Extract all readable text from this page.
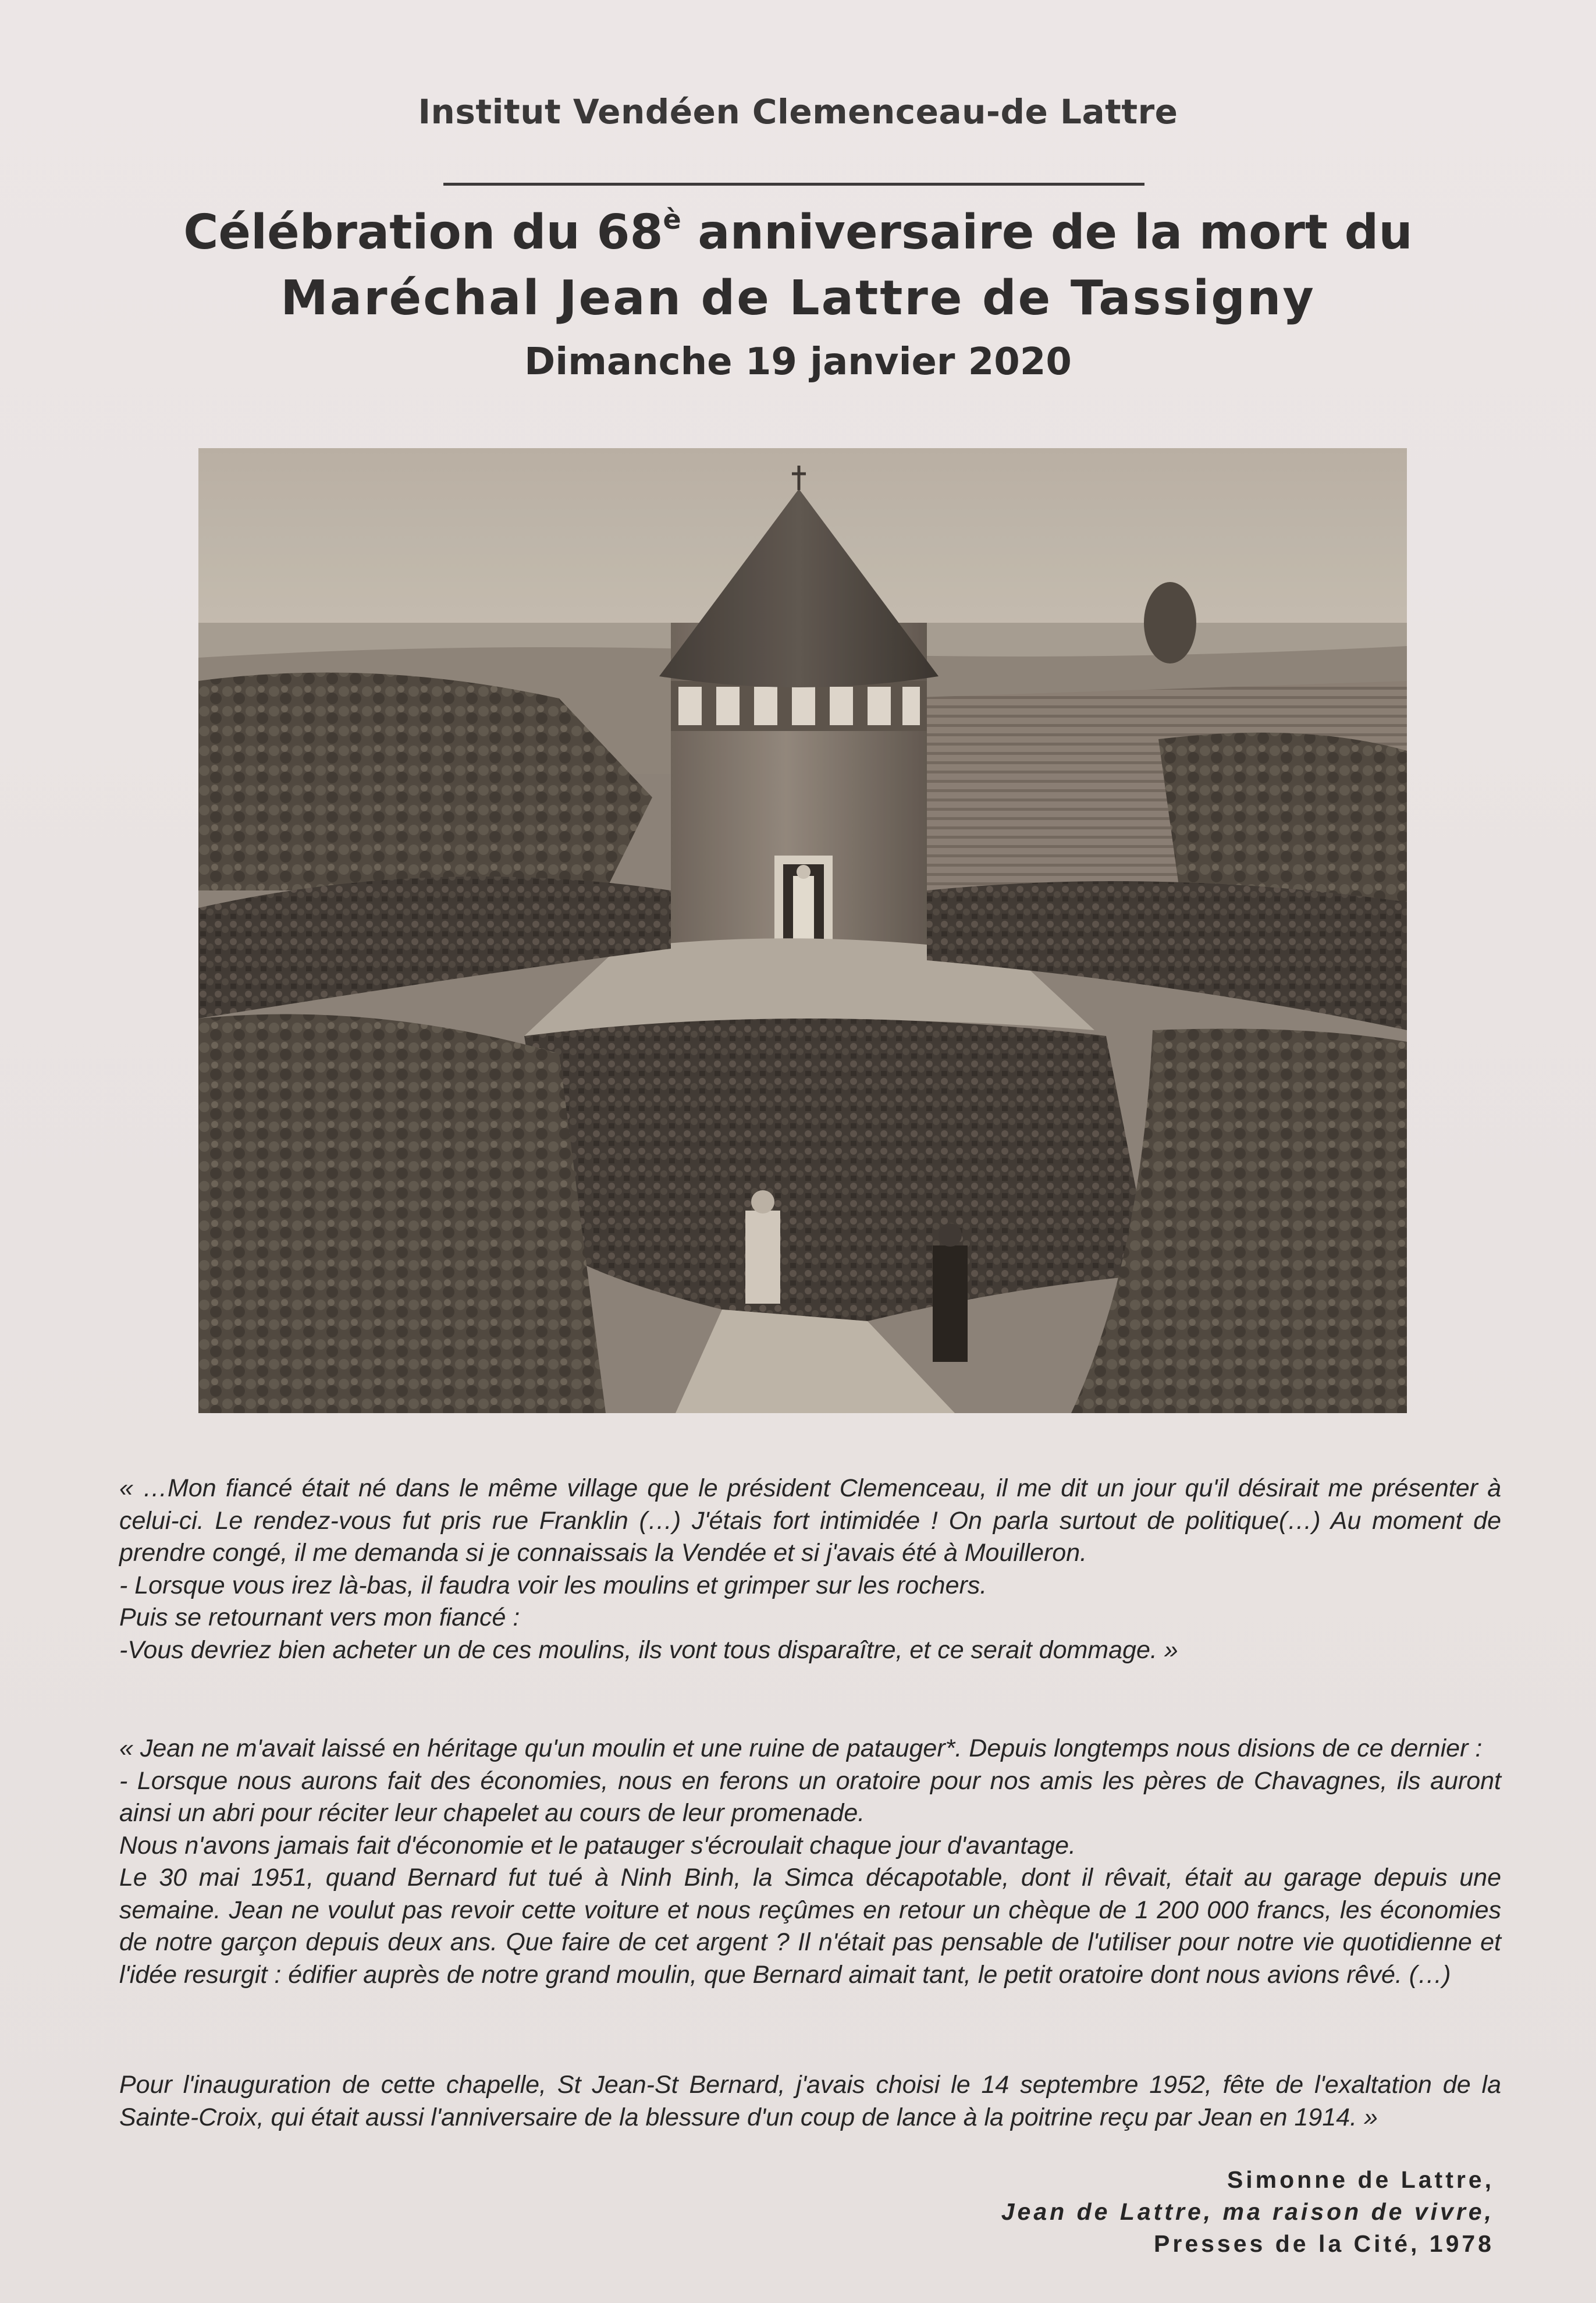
Institut Vendéen Clemenceau-de Lattre
Célébration du $68^è$ anniversaire de la mort du
Maréchal Jean de Lattre de Tassigny
Dimanche 19 janvier 2020

« …Mon fiancé était né dans le même village que le président Clemenceau, il me dit un jour qu'il désirait me présenter à celui-ci. Le rendez-vous fut pris rue Franklin (…) J'étais fort intimidée ! On parla surtout de politique(…) Au moment de prendre congé, il me demanda si je connaissais la Vendée et si j'avais été à Mouilleron.

- Lorsque vous irez là-bas, il faudra voir les moulins et grimper sur les rochers.

Puis se retournant vers mon fiancé :

-Vous devriez bien acheter un de ces moulins, ils vont tous disparaître, et ce serait dommage. »

« Jean ne m'avait laissé en héritage qu'un moulin et une ruine de patauger*. Depuis longtemps nous disions de ce dernier :

- Lorsque nous aurons fait des économies, nous en ferons un oratoire pour nos amis les pères de Chavagnes, ils auront ainsi un abri pour réciter leur chapelet au cours de leur promenade.

Nous n'avons jamais fait d'économie et le patauger s'écroulait chaque jour d'avantage.

Le 30 mai 1951, quand Bernard fut tué à Ninh Binh, la Simca décapotable, dont il rêvait, était au garage depuis une semaine. Jean ne voulut pas revoir cette voiture et nous reçûmes en retour un chèque de 1 200 000 francs, les économies de notre garçon depuis deux ans. Que faire de cet argent ? Il n'était pas pensable de l'utiliser pour notre vie quotidienne et l'idée resurgit : édifier auprès de notre grand moulin, que Bernard aimait tant, le petit oratoire dont nous avions rêvé. (…)

Pour l'inauguration de cette chapelle, St Jean-St Bernard, j'avais choisi le 14 septembre 1952, fête de l'exaltation de la Sainte-Croix, qui était aussi l'anniversaire de la blessure d'un coup de lance à la poitrine reçu par Jean en 1914. »

Simonne de Lattre,
Jean de Lattre, ma raison de vivre,
Presses de la Cité, 1978
